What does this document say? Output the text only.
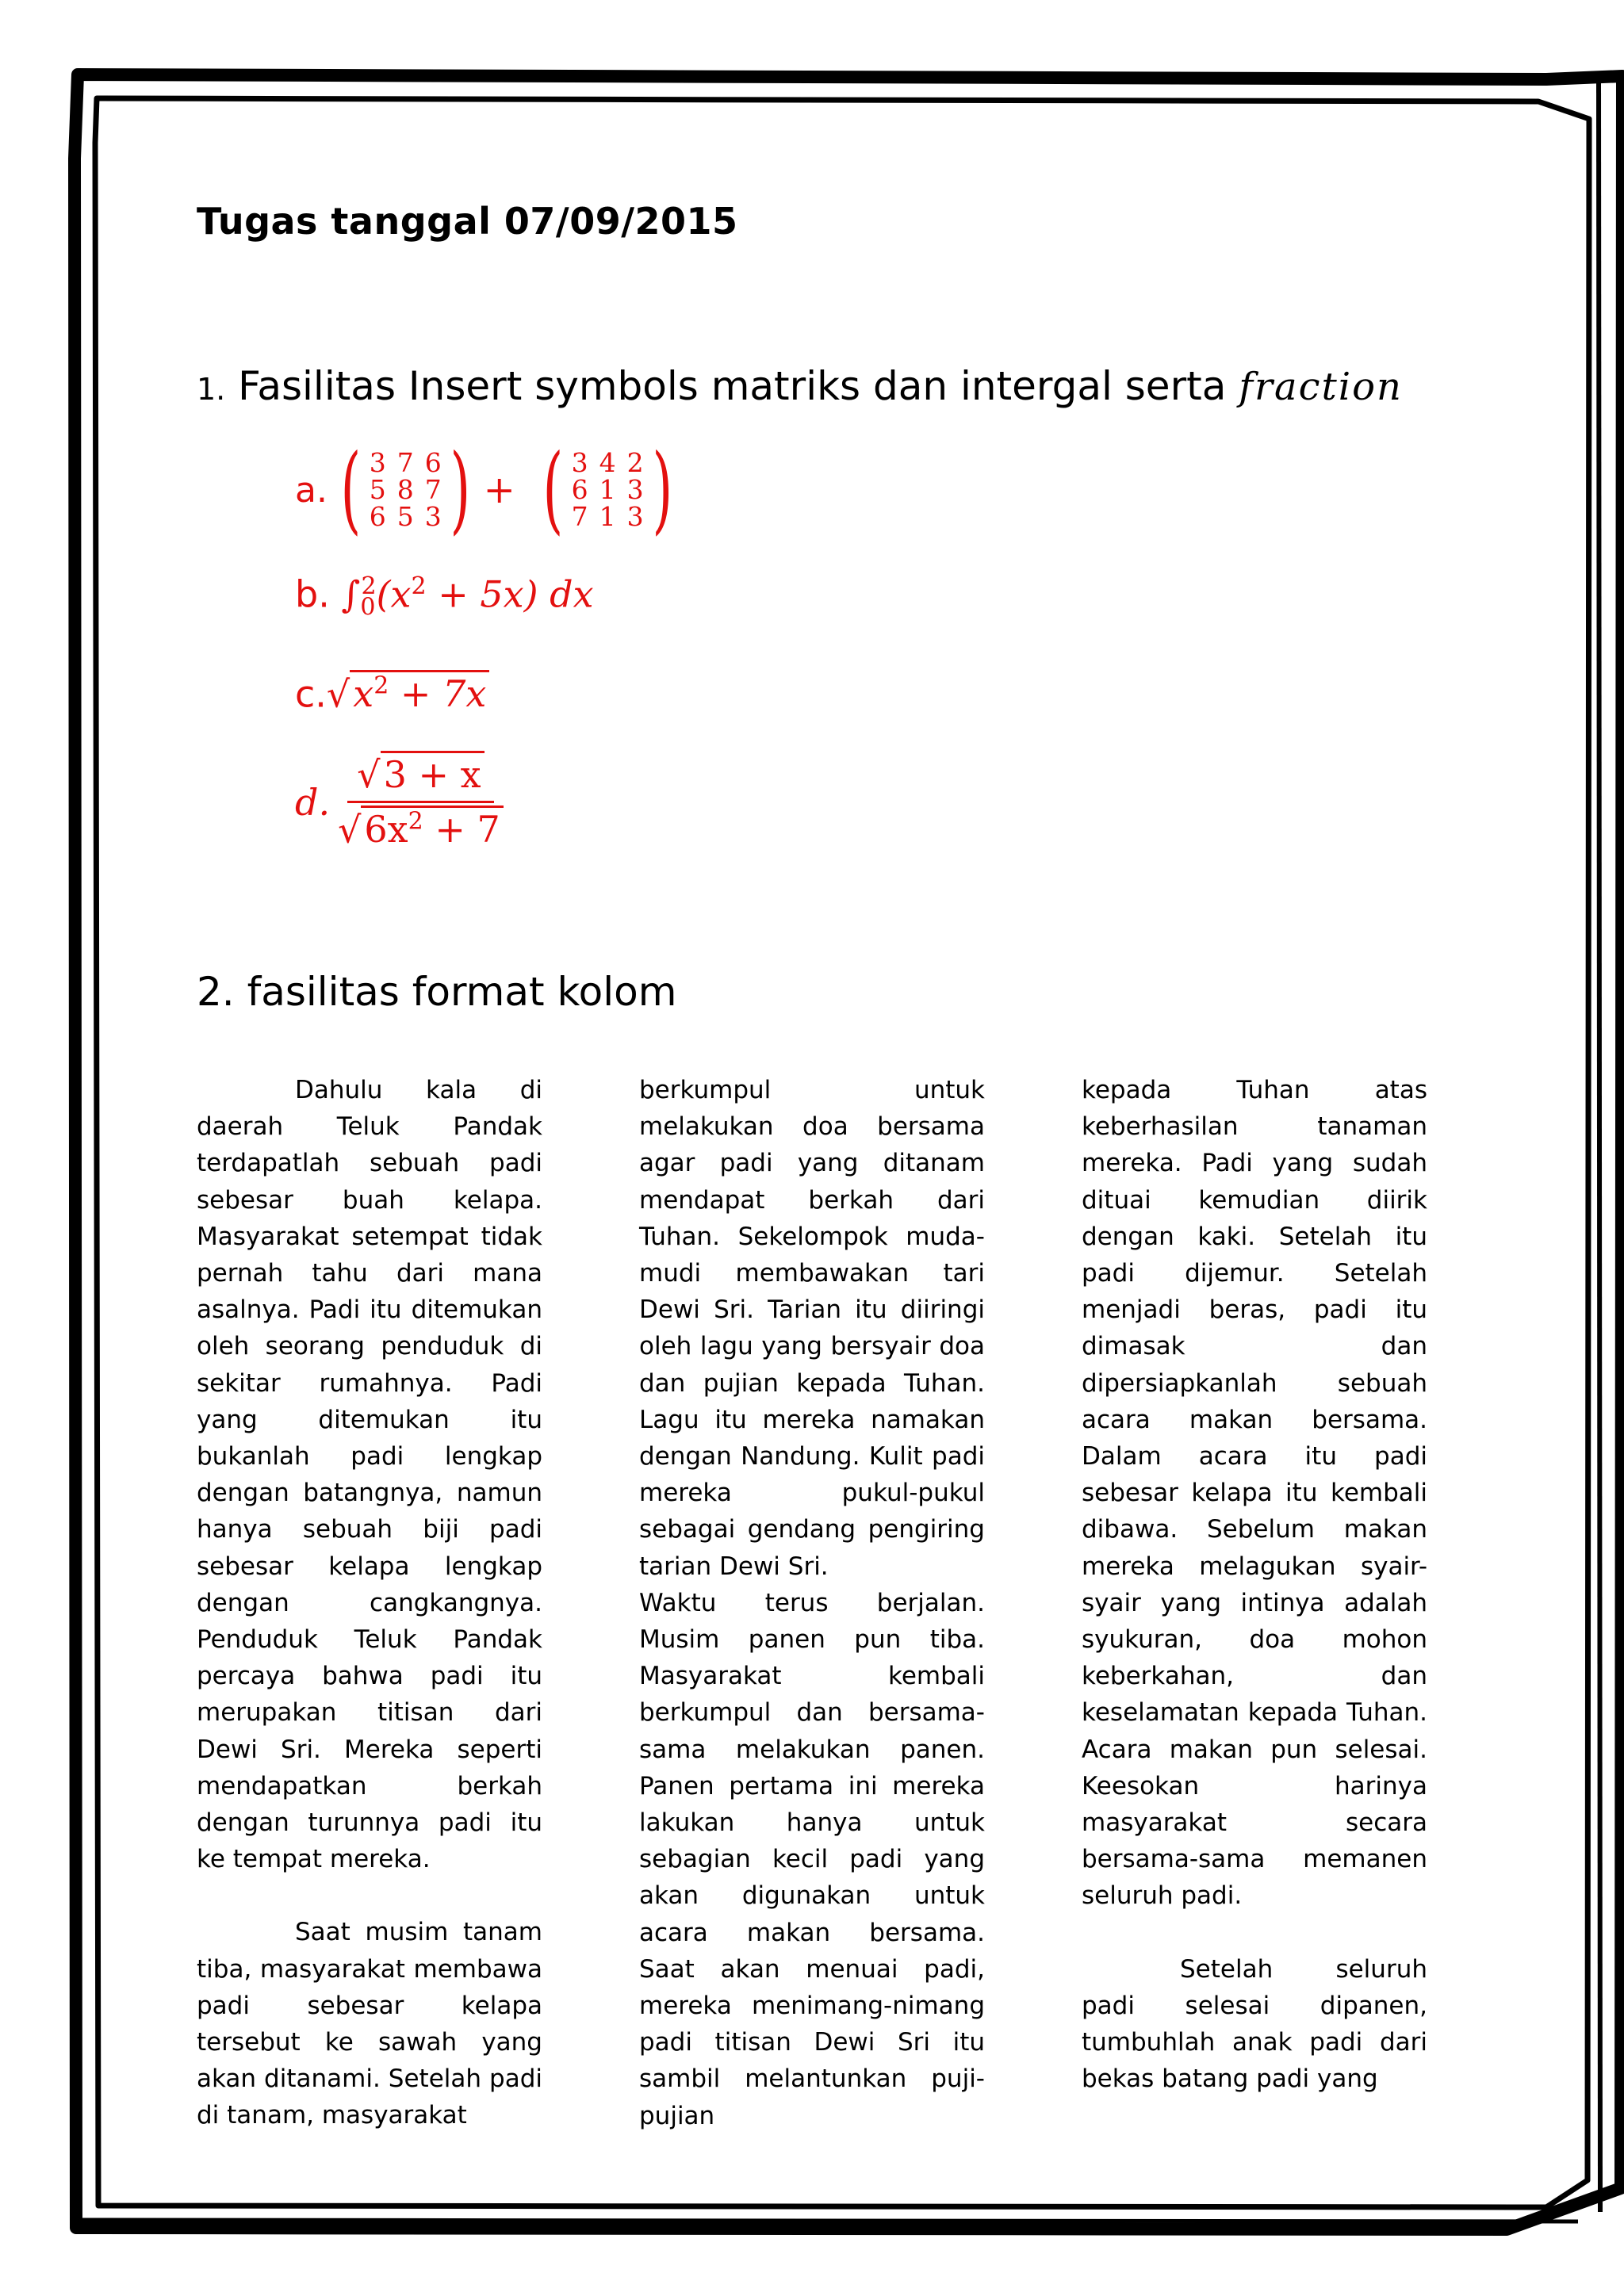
Tugas tanggal 07/09/2015
1. Fasilitas Insert symbols matriks dan intergal serta fraction
a. ( 3 7 6
5 8 7
6 5 3 ) + ( 3 4 2
6 1 3
7 1 3 )
b. $\int_0^2(x^2 + 5x)$ dx
$c.√x^2 + 7x$
d. $\frac{√3 + x}{√6x^2 + 7}$
2. fasilitas format kolom

Dahulu kala di daerah Teluk Pandak terdapatlah sebuah padi sebesar buah kelapa. Masyarakat setempat tidak pernah tahu dari mana asalnya. Padi itu ditemukan oleh seorang penduduk di sekitar rumahnya. Padi yang ditemukan itu bukanlah padi lengkap dengan batangnya, namun hanya sebuah biji padi sebesar kelapa lengkap dengan cangkangnya. Penduduk Teluk Pandak percaya bahwa padi itu merupakan titisan dari Dewi Sri. Mereka seperti mendapatkan berkah dengan turunnya padi itu ke tempat mereka.

Saat musim tanam tiba, masyarakat membawa padi sebesar kelapa tersebut ke sawah yang akan ditanami. Setelah padi di tanam, masyarakat

berkumpul untuk melakukan doa bersama agar padi yang ditanam mendapat berkah dari Tuhan. Sekelompok muda-mudi membawakan tari Dewi Sri. Tarian itu diiringi oleh lagu yang bersyair doa dan pujian kepada Tuhan. Lagu itu mereka namakan dengan Nandung. Kulit padi mereka pukul-pukul sebagai gendang pengiring tarian Dewi Sri.

Waktu terus berjalan. Musim panen pun tiba. Masyarakat kembali berkumpul dan bersama-sama melakukan panen. Panen pertama ini mereka lakukan hanya untuk sebagian kecil padi yang akan digunakan untuk acara makan bersama. Saat akan menuai padi, mereka menimang-nimang padi titisan Dewi Sri itu sambil melantunkan puji-pujian

kepada Tuhan atas keberhasilan tanaman mereka. Padi yang sudah dituai kemudian diirik dengan kaki. Setelah itu padi dijemur. Setelah menjadi beras, padi itu dimasak dan dipersiapkanlah sebuah acara makan bersama. Dalam acara itu padi sebesar kelapa itu kembali dibawa. Sebelum makan mereka melagukan syair-syair yang intinya adalah syukuran, doa mohon keberkahan, dan keselamatan kepada Tuhan. Acara makan pun selesai. Keesokan harinya masyarakat secara bersama-sama memanen seluruh padi.

Setelah seluruh padi selesai dipanen, tumbuhlah anak padi dari bekas batang padi yang
